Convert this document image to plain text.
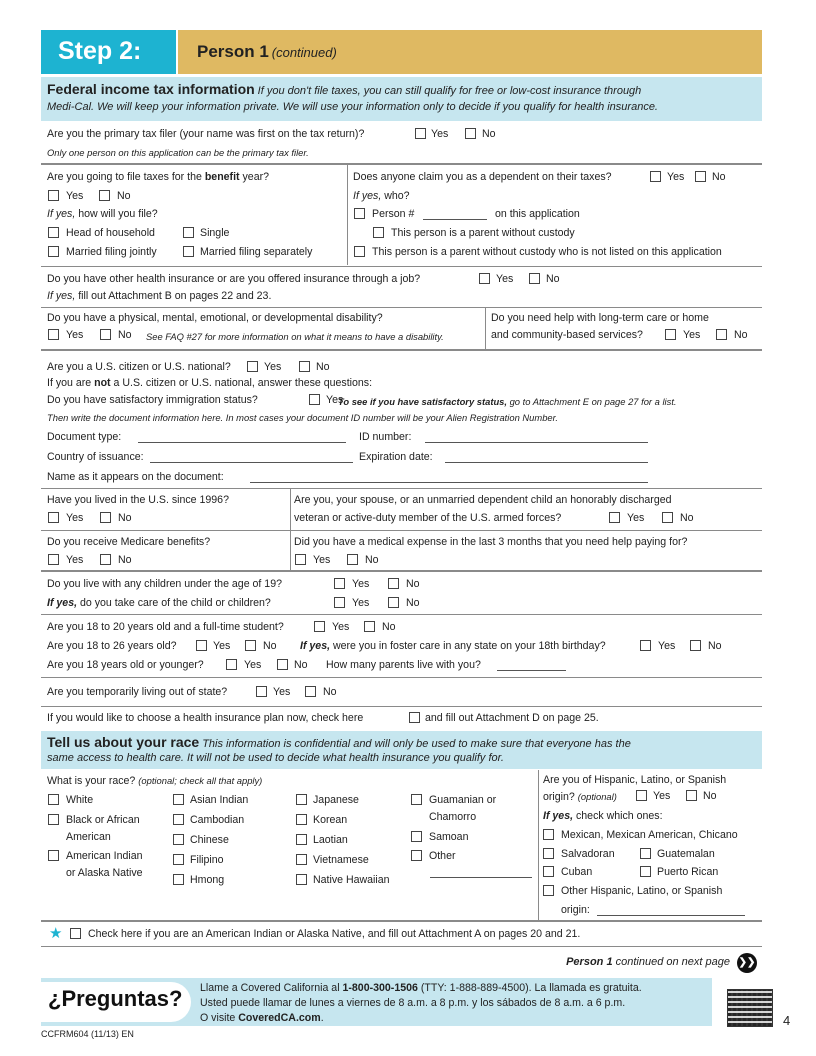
Step 2:	Person 1 (continued)
Federal income tax information If you don't file taxes, you can still qualify for free or low-cost insurance through
Medi-Cal. We will keep your information private. We will use your information only to decide if you qualify for health insurance.
Are you the primary tax filer (your name was first on the tax return)?	Yes	No
Only one person on this application can be the primary tax filer.
Are you going to file taxes for the benefit year?
Yes	No
If yes, how will you file?
Head of household	Single
Married filing jointly	Married filing separately
Does anyone claim you as a dependent on their taxes?	Yes	No
If yes, who?
Person #	on this application
This person is a parent without custody
This person is a parent without custody who is not listed on this application
Do you have other health insurance or are you offered insurance through a job?	Yes	No
If yes, fill out Attachment B on pages 22 and 23.
Do you have a physical, mental, emotional, or developmental disability?
Yes	No See FAQ #27 for more information on what it means to have a disability.
Do you need help with long-term care or home
and community-based services?	Yes	No
Are you a U.S. citizen or U.S. national?	Yes	No
If you are not a U.S. citizen or U.S. national, answer these questions:
Do you have satisfactory immigration status?	Yes
To see if you have satisfactory status, go to Attachment E on page 27 for a list.
Then write the document information here. In most cases your document ID number will be your Alien Registration Number.
Document type:	ID number:
Country of issuance:	Expiration date:
Name as it appears on the document:
Have you lived in the U.S. since 1996?
Yes	No
Are you, your spouse, or an unmarried dependent child an honorably discharged
veteran or active-duty member of the U.S. armed forces?	Yes	No
Do you receive Medicare benefits?
Yes	No
Did you have a medical expense in the last 3 months that you need help paying for?
Yes	No
Do you live with any children under the age of 19?	Yes	No
If yes, do you take care of the child or children?	Yes	No
Are you 18 to 20 years old and a full-time student?	Yes	No
Are you 18 to 26 years old?	Yes	No If yes, were you in foster care in any state on your 18th birthday?	Yes	No
Are you 18 years old or younger?	Yes	No How many parents live with you?
Are you temporarily living out of state?	Yes	No
If you would like to choose a health insurance plan now, check here	and fill out Attachment D on page 25.
Tell us about your race This information is confidential and will only be used to make sure that everyone has the
same access to health care. It will not be used to decide what health insurance you qualify for.
What is your race? (optional; check all that apply)
White
Black or African
American
American Indian
or Alaska Native
Asian Indian
Cambodian
Chinese
Filipino
Hmong
Japanese
Korean
Laotian
Vietnamese
Native Hawaiian
Guamanian or
Chamorro
Samoan
Other
Are you of Hispanic, Latino, or Spanish
origin? (optional)	Yes	No
If yes, check which ones:
Mexican, Mexican American, Chicano
Salvadoran	Guatemalan
Cuban	Puerto Rican
Other Hispanic, Latino, or Spanish
origin:
★ Check here if you are an American Indian or Alaska Native, and fill out Attachment A on pages 20 and 21.
Person 1 continued on next page ❯❯
¿Preguntas? Llame a Covered California al 1-800-300-1506 (TTY: 1-888-889-4500). La llamada es gratuita.
Usted puede llamar de lunes a viernes de 8 a.m. a 8 p.m. y los sábados de 8 a.m. a 6 p.m.
O visite CoveredCA.com.	4
CCFRM604 (11/13) EN
